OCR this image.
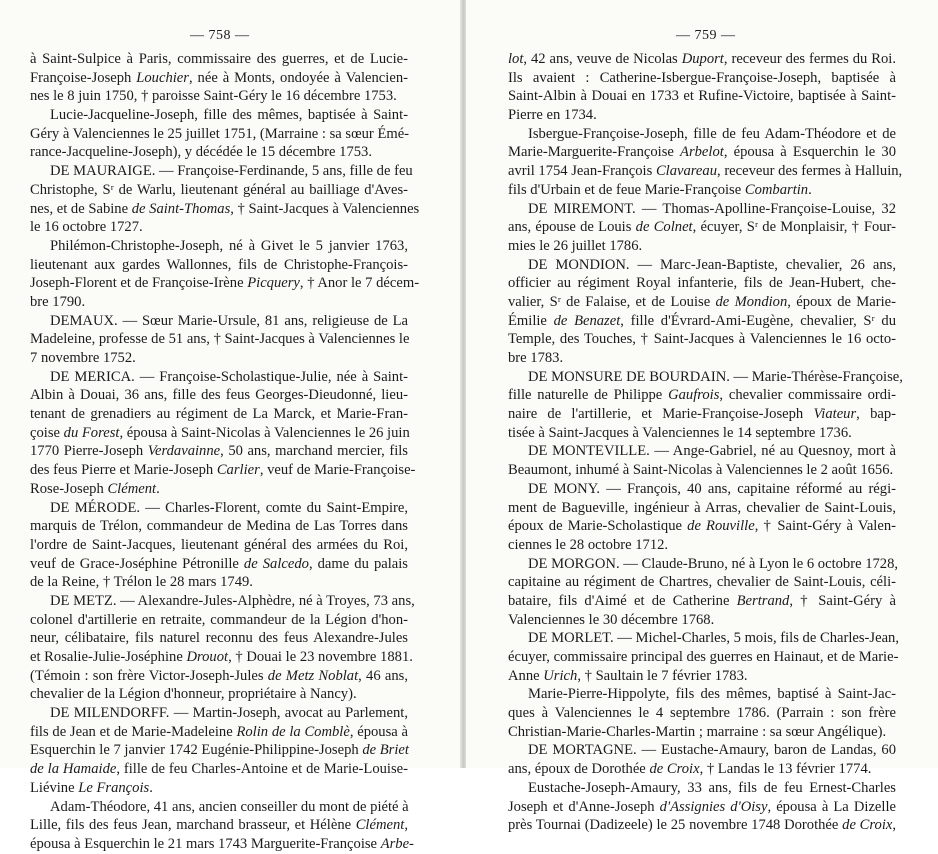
— 758 —
à Saint-Sulpice à Paris, commissaire des guerres, et de Lucie-
Françoise-Joseph Louchier, née à Monts, ondoyée à Valencien-
nes le 8 juin 1750, † paroisse Saint-Géry le 16 décembre 1753.
Lucie-Jacqueline-Joseph, fille des mêmes, baptisée à Saint-
Géry à Valenciennes le 25 juillet 1751, (Marraine : sa sœur Émé-
rance-Jacqueline-Joseph), y décédée le 15 décembre 1753.
DE MAURAIGE. — Françoise-Ferdinande, 5 ans, fille de feu
Christophe, Sʳ de Warlu, lieutenant général au bailliage d'Aves-
nes, et de Sabine de Saint-Thomas, † Saint-Jacques à Valenciennes
le 16 octobre 1727.
Philémon-Christophe-Joseph, né à Givet le 5 janvier 1763,
lieutenant aux gardes Wallonnes, fils de Christophe-François-
Joseph-Florent et de Françoise-Irène Picquery, † Anor le 7 décem-
bre 1790.
DEMAUX. — Sœur Marie-Ursule, 81 ans, religieuse de La
Madeleine, professe de 51 ans, † Saint-Jacques à Valenciennes le
7 novembre 1752.
DE MERICA. — Françoise-Scholastique-Julie, née à Saint-
Albin à Douai, 36 ans, fille des feus Georges-Dieudonné, lieu-
tenant de grenadiers au régiment de La Marck, et Marie-Fran-
çoise du Forest, épousa à Saint-Nicolas à Valenciennes le 26 juin
1770 Pierre-Joseph Verdavainne, 50 ans, marchand mercier, fils
des feus Pierre et Marie-Joseph Carlier, veuf de Marie-Françoise-
Rose-Joseph Clément.
DE MÉRODE. — Charles-Florent, comte du Saint-Empire,
marquis de Trélon, commandeur de Medina de Las Torres dans
l'ordre de Saint-Jacques, lieutenant général des armées du Roi,
veuf de Grace-Joséphine Pétronille de Salcedo, dame du palais
de la Reine, † Trélon le 28 mars 1749.
DE METZ. — Alexandre-Jules-Alphèdre, né à Troyes, 73 ans,
colonel d'artillerie en retraite, commandeur de la Légion d'hon-
neur, célibataire, fils naturel reconnu des feus Alexandre-Jules
et Rosalie-Julie-Joséphine Drouot, † Douai le 23 novembre 1881.
(Témoin : son frère Victor-Joseph-Jules de Metz Noblat, 46 ans,
chevalier de la Légion d'honneur, propriétaire à Nancy).
DE MILENDORFF. — Martin-Joseph, avocat au Parlement,
fils de Jean et de Marie-Madeleine Rolin de la Comblè, épousa à
Esquerchin le 7 janvier 1742 Eugénie-Philippine-Joseph de Briet
de la Hamaide, fille de feu Charles-Antoine et de Marie-Louise-
Liévine Le François.
Adam-Théodore, 41 ans, ancien conseiller du mont de piété à
Lille, fils des feus Jean, marchand brasseur, et Hélène Clément,
épousa à Esquerchin le 21 mars 1743 Marguerite-Françoise Arbe-
— 759 —
lot, 42 ans, veuve de Nicolas Duport, receveur des fermes du Roi.
Ils avaient : Catherine-Isbergue-Françoise-Joseph, baptisée à
Saint-Albin à Douai en 1733 et Rufine-Victoire, baptisée à Saint-
Pierre en 1734.
Isbergue-Françoise-Joseph, fille de feu Adam-Théodore et de
Marie-Marguerite-Françoise Arbelot, épousa à Esquerchin le 30
avril 1754 Jean-François Clavareau, receveur des fermes à Halluin,
fils d'Urbain et de feue Marie-Françoise Combartin.
DE MIREMONT. — Thomas-Apolline-Françoise-Louise, 32
ans, épouse de Louis de Colnet, écuyer, Sʳ de Monplaisir, † Four-
mies le 26 juillet 1786.
DE MONDION. — Marc-Jean-Baptiste, chevalier, 26 ans,
officier au régiment Royal infanterie, fils de Jean-Hubert, che-
valier, Sʳ de Falaise, et de Louise de Mondion, époux de Marie-
Émilie de Benazet, fille d'Évrard-Ami-Eugène, chevalier, Sʳ du
Temple, des Touches, † Saint-Jacques à Valenciennes le 16 octo-
bre 1783.
DE MONSURE DE BOURDAIN. — Marie-Thérèse-Françoise,
fille naturelle de Philippe Gaufrois, chevalier commissaire ordi-
naire de l'artillerie, et Marie-Françoise-Joseph Viateur, bap-
tisée à Saint-Jacques à Valenciennes le 14 septembre 1736.
DE MONTEVILLE. — Ange-Gabriel, né au Quesnoy, mort à
Beaumont, inhumé à Saint-Nicolas à Valenciennes le 2 août 1656.
DE MONY. — François, 40 ans, capitaine réformé au régi-
ment de Bagueville, ingénieur à Arras, chevalier de Saint-Louis,
époux de Marie-Scholastique de Rouville, † Saint-Géry à Valen-
ciennes le 28 octobre 1712.
DE MORGON. — Claude-Bruno, né à Lyon le 6 octobre 1728,
capitaine au régiment de Chartres, chevalier de Saint-Louis, céli-
bataire, fils d'Aimé et de Catherine Bertrand, † Saint-Géry à
Valenciennes le 30 décembre 1768.
DE MORLET. — Michel-Charles, 5 mois, fils de Charles-Jean,
écuyer, commissaire principal des guerres en Hainaut, et de Marie-
Anne Urich, † Saultain le 7 février 1783.
Marie-Pierre-Hippolyte, fils des mêmes, baptisé à Saint-Jac-
ques à Valenciennes le 4 septembre 1786. (Parrain : son frère
Christian-Marie-Charles-Martin ; marraine : sa sœur Angélique).
DE MORTAGNE. — Eustache-Amaury, baron de Landas, 60
ans, époux de Dorothée de Croix, † Landas le 13 février 1774.
Eustache-Joseph-Amaury, 33 ans, fils de feu Ernest-Charles
Joseph et d'Anne-Joseph d'Assignies d'Oisy, épousa à La Dizelle
près Tournai (Dadizeele) le 25 novembre 1748 Dorothée de Croix,
